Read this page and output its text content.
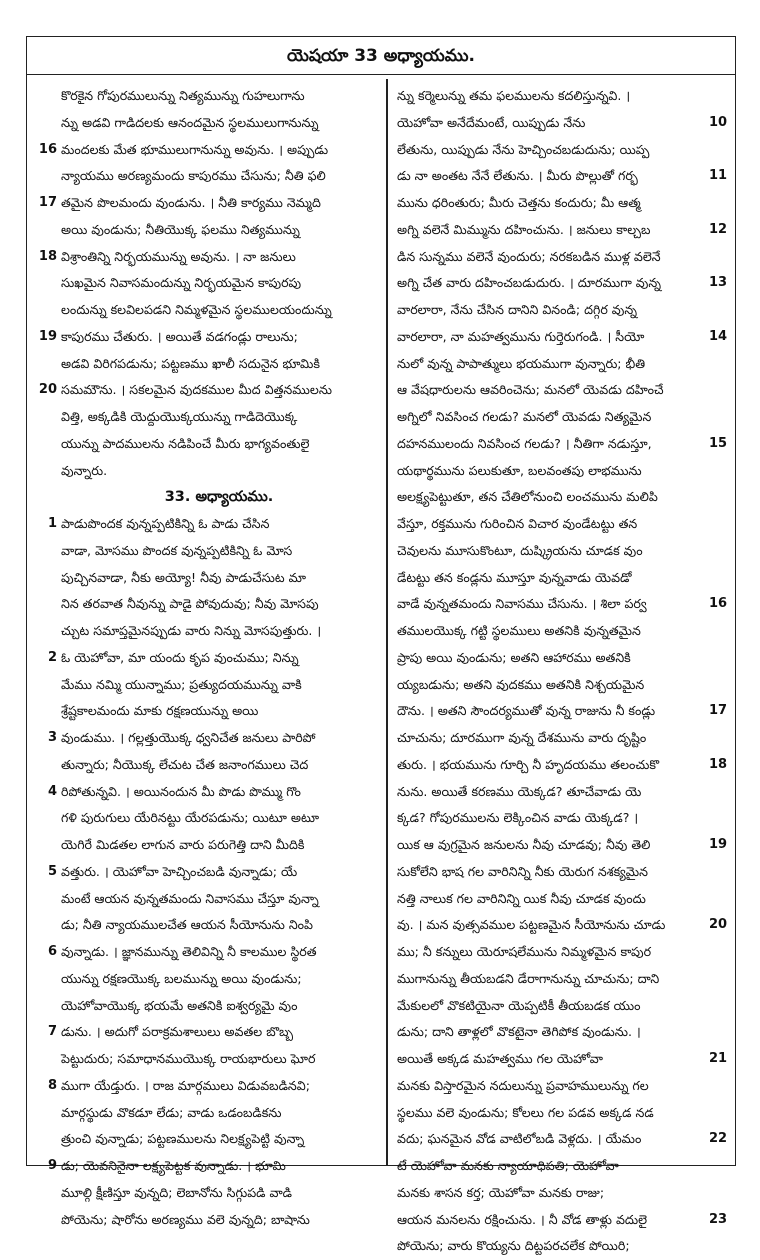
యెషయా 33 అధ్యాయము.
కొరకైన గోపురములున్ను నిత్యమున్ను గుహలుగాను
న్ను అడవి గాడిదలకు ఆనందమైన స్థలములుగానున్ను
మందలకు మేత భూములుగానున్ను అవును. । అప్పుడు
16
న్యాయము అరణ్యమందు కాపురము చేసును; నీతి ఫలి
తమైన పొలమందు వుండును. । నీతి కార్యము నెమ్మది
17
అయి వుండును; నీతియొక్క ఫలము నిత్యమున్ను
విశ్రాంతిన్ని నిర్భయమున్ను అవును. । నా జనులు
18
సుఖమైన నివాసమందున్ను నిర్భయమైన కాపురపు
లందున్ను కలవిలపడని నిమ్మళమైన స్థలములయందున్ను
కాపురము చేతురు. । అయితే వడగండ్లు రాలును;
19
అడవి విరిగపడును; పట్టణము ఖాలీ సదునైన భూమికి
సమమౌను. । సకలమైన వుదకముల మీద విత్తనములను
20
విత్తి, అక్కడికి యెద్దుయొక్కయున్ను గాడిదెయొక్క
యున్ను పాదములను నడిపించే మీరు భాగ్యవంతులై
వున్నారు.
33. అధ్యాయము.
పాడుపొందక వున్నప్పటికిన్ని ఓ పాడు చేసిన
1
వాడా, మోసము పొందక వున్నప్పటికిన్ని ఓ మోస
పుచ్చినవాడా, నీకు అయ్యో! నీవు పాడుచేసుట మా
నిన తరవాత నీవున్ను పాడై పోవుదువు; నీవు మోసపు
చ్చుట సమాప్తమైనప్పుడు వారు నిన్ను మోసపుత్తురు. ।
ఓ యెహోవా, మా యందు కృప వుంచుము; నిన్ను
2
మేము నమ్మి యున్నాము; ప్రత్యుదయమున్ను వాకి
శ్రేష్టకాలమందు మాకు రక్షణయున్ను అయి
వుండుము. । గల్లత్తుయొక్క ధ్వనిచేత జనులు పారిపో
3
తున్నారు; నీయొక్క లేచుట చేత జనాంగములు చెద
రిపోతున్నవి. । అయినందున మీ పొడు పొమ్ము గొం
4
గళి పురుగులు యేరినట్టు యేరపడును; యిటూ అటూ
యెగిరే మిడతల లాగున వారు పరుగెత్తి దాని మీదికి
వత్తురు. । యెహోవా హెచ్చించబడి వున్నాడు; యే
5
మంటే ఆయన వున్నతమందు నివాసము చేస్తూ వున్నా
డు; నీతి న్యాయములచేత ఆయన సీయోనును నింపి
వున్నాడు. । జ్ఞానమున్ను తెలివిన్ని నీ కాలముల స్థిరత
6
యున్ను రక్షణయొక్క బలమున్ను అయి వుండును;
యెహోవాయొక్క భయమే అతనికి ఐశ్వర్యమై వుం
డును. । అదుగో పరాక్రమశాలులు అవతల బొబ్బ
7
పెట్టుదురు; సమాధానముయొక్క రాయభారులు ఘోర
ముగా యేడ్తురు. । రాజ మార్గములు విడువబడినవి;
8
మార్గస్థుడు వొకడూ లేడు; వాడు ఒడంబడికను
త్రుంచి వున్నాడు; పట్టణములను నిలక్ష్యపెట్టి వున్నా
డు; యెవనినైనా లక్ష్యపెట్టక వున్నాడు. । భూమి
9
మూల్గి క్షీణిస్తూ వున్నది; లెబానోను సిగ్గుపడి వాడి
పోయెను; షారోను అరణ్యము వలె వున్నది; బాషాను
న్ను కర్మెలున్ను తమ ఫలములను కదలిస్తున్నవి. ।
యెహోవా అనేదేమంటే, యిప్పుడు నేను	10
లేతును, యిప్పుడు నేను హెచ్చించబడుదును; యిప్ప
డు నా అంతట నేనే లేతును. । మీరు పొల్లుతో గర్భ	11
మును ధరింతురు; మీరు చెత్తను కందురు; మీ ఆత్మ
అగ్ని వలెనే మిమ్మును దహించును. । జనులు కాల్చబ	12
డిన సున్నము వలెనే వుందురు; నరకబడిన ముళ్ల వలెనే
అగ్ని చేత వారు దహించబడుదురు. । దూరముగా వున్న	13
వారలారా, నేను చేసిన దానిని వినండి; దగ్గిర వున్న
వారలారా, నా మహత్వమును గుర్తెరుగండి. । సీయో	14
నులో వున్న పాపాత్ములు భయముగా వున్నారు; భీతి
ఆ వేషధారులను ఆవరించెను; మనలో యెవడు దహించే
అగ్నిలో నివసించ గలడు? మనలో యెవడు నిత్యమైన
దహనములందు నివసించ గలడు? । నీతిగా నడుస్తూ,	15
యథార్థమును పలుకుతూ, బలవంతపు లాభమును
అలక్ష్యపెట్టుతూ, తన చేతిలోనుంచి లంచమును మలిపి
వేస్తూ, రక్తమును గురించిన విచార వుండేటట్టు తన
చెవులను మూసుకొంటూ, దుష్క్రియను చూడక వుం
డేటట్టు తన కండ్లను మూస్తూ వున్నవాడు యెవడో
వాడే వున్నతమందు నివాసము చేసును. । శిలా పర్వ	16
తములయొక్క గట్టి స్థలములు అతనికి వున్నతమైన
ప్రాపు అయి వుండును; అతని ఆహారము అతనికి
య్యబడును; అతని వుదకము అతనికి నిశ్చయమైన
దౌను. । అతని సౌందర్యముతో వున్న రాజును నీ కండ్లు	17
చూచును; దూరముగా వున్న దేశమును వారు దృష్టిం
తురు. । భయమును గూర్చి నీ హృదయము తలంచుకొ	18
నును. అయితే కరణము యెక్కడ? తూచేవాడు యె
క్కడ? గోపురములను లెక్కించిన వాడు యెక్కడ? ।
యిక ఆ వుగ్రమైన జనులను నీవు చూడవు; నీవు తెలి	19
సుకోలేని భాష గల వారినిన్ని నీకు యెరుగ నశక్యమైన
నత్తి నాలుక గల వారినిన్ని యిక నీవు చూడక వుందు
వు. । మన వుత్సవముల పట్టణమైన సీయోనును చూడు	20
ము; నీ కన్నులు యెరూషలేమును నిమ్మళమైన కాపుర
ముగానున్ను తీయబడని డేరాగానున్ను చూచును; దాని
మేకులలో వొకటియైనా యెప్పటికీ తీయబడక యుం
డును; దాని తాళ్లలో వొకటైనా తెగిపోక వుండును. ।
అయితే అక్కడ మహత్వము గల యెహోవా	21
మనకు విస్తారమైన నదులున్ను ప్రవాహములున్ను గల
స్థలము వలె వుండును; కోలలు గల పడవ అక్కడ నడ
వదు; ఘనమైన వోడ వాటిలోబడి వెళ్లదు. । యేమం	22
టే యెహోవా మనకు న్యాయాధిపతి; యెహోవా
మనకు శాసన కర్త; యెహోవా మనకు రాజు;
ఆయన మనలను రక్షించును. । నీ వోడ తాళ్లు వదులై	23
పోయెను; వారు కొయ్యను దిట్టపరచలేక పోయిరి;
